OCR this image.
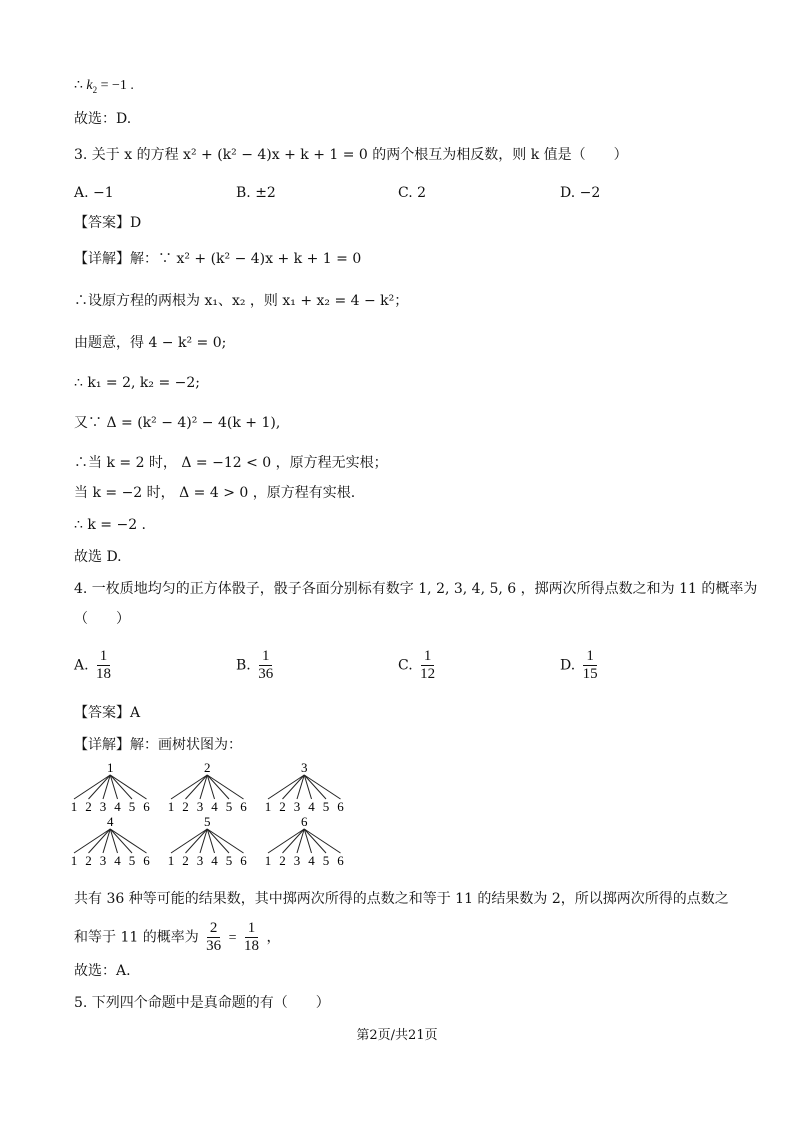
∴ $k_2 = -1$ .
故选：D.
3. 关于 x 的方程 x² + (k² − 4)x + k + 1 = 0 的两个根互为相反数，则 k 值是（　　）
A. −1	B. ±2	C. 2	D. −2
【答案】D
【详解】解：∵ x² + (k² − 4)x + k + 1 = 0
∴设原方程的两根为 x₁、x₂ ，则 x₁ + x₂ = 4 − k²；
由题意，得 4 − k² = 0;
∴ k₁ = 2, k₂ = −2;
又∵ Δ = (k² − 4)² − 4(k + 1),
∴当 k = 2 时， Δ = −12 < 0 ，原方程无实根；
当 k = −2 时， Δ = 4 > 0 ，原方程有实根.
∴ k = −2 .
故选 D.
4. 一枚质地均匀的正方体骰子，骰子各面分别标有数字 1, 2, 3, 4, 5, 6 ，掷两次所得点数之和为 11 的概率为
（　　）
A. $\frac{1}{18}$	B. $\frac{1}{36}$	C. $\frac{1}{12}$	D. $\frac{1}{15}$
【答案】A
【详解】解：画树状图为：
1
1 2 3 4 5 6
2
1 2 3 4 5 6
3
1 2 3 4 5 6
4
1 2 3 4 5 6
5
1 2 3 4 5 6
6
1 2 3 4 5 6
共有 36 种等可能的结果数，其中掷两次所得的点数之和等于 11 的结果数为 2，所以掷两次所得的点数之
和等于 11 的概率为 $\frac{2}{36} = \frac{1}{18}$ ，
故选：A.
5. 下列四个命题中是真命题的有（　　）
第2页/共21页
